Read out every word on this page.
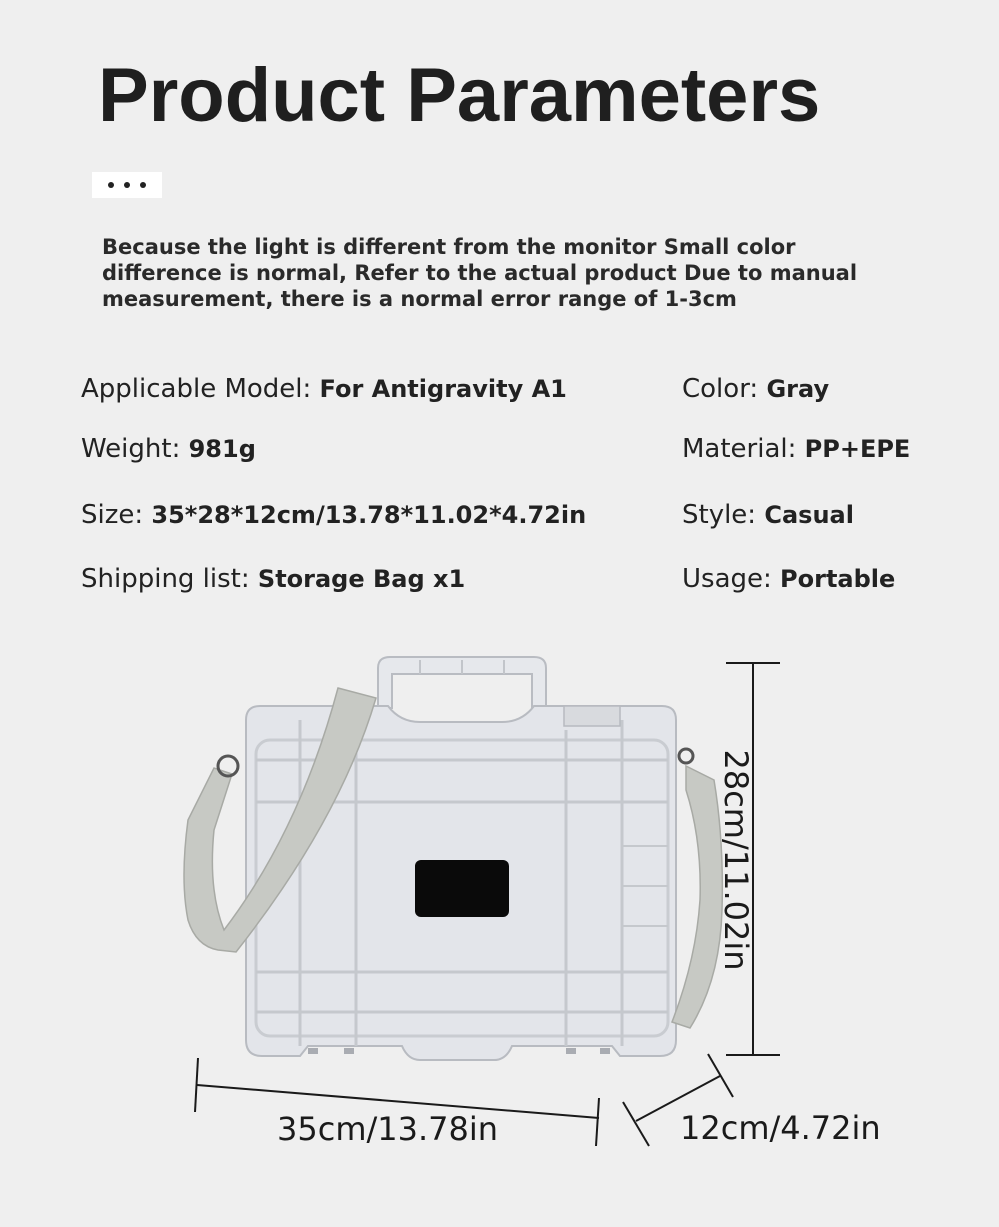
Product Parameters
Because the light is different from the monitor Small color difference is normal, Refer to the actual product Due to manual measurement, there is a normal error range of 1-3cm
Applicable Model: For Antigravity A1
Weight: 981g
Size: 35*28*12cm/13.78*11.02*4.72in
Shipping list: Storage Bag x1
Color: Gray
Material: PP+EPE
Style: Casual
Usage: Portable
35cm/13.78in	12cm/4.72in
28cm/11.02in
